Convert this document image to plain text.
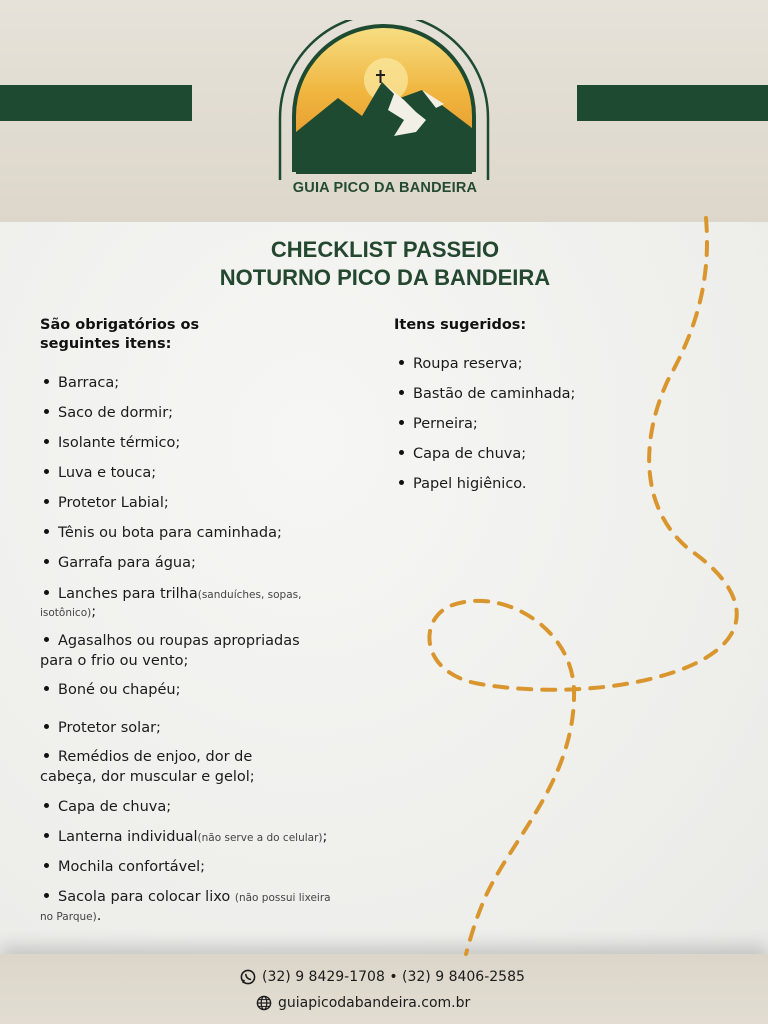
GUIA PICO DA BANDEIRA
CHECKLIST PASSEIO
NOTURNO PICO DA BANDEIRA
São obrigatórios os
seguintes itens:
Barraca;
Saco de dormir;
Isolante térmico;
Luva e touca;
Protetor Labial;
Tênis ou bota para caminhada;
Garrafa para água;
Lanches para trilha(sanduíches, sopas,
isotônico);
Agasalhos ou roupas apropriadas
para o frio ou vento;
Boné ou chapéu;
Protetor solar;
Remédios de enjoo, dor de
cabeça, dor muscular e gelol;
Capa de chuva;
Lanterna individual(não serve a do celular);
Mochila confortável;
Sacola para colocar lixo (não possui lixeira
no Parque).
Itens sugeridos:
Roupa reserva;
Bastão de caminhada;
Perneira;
Capa de chuva;
Papel higiênico.
(32) 9 8429-1708 • (32) 9 8406-2585
guiapicodabandeira.com.br
